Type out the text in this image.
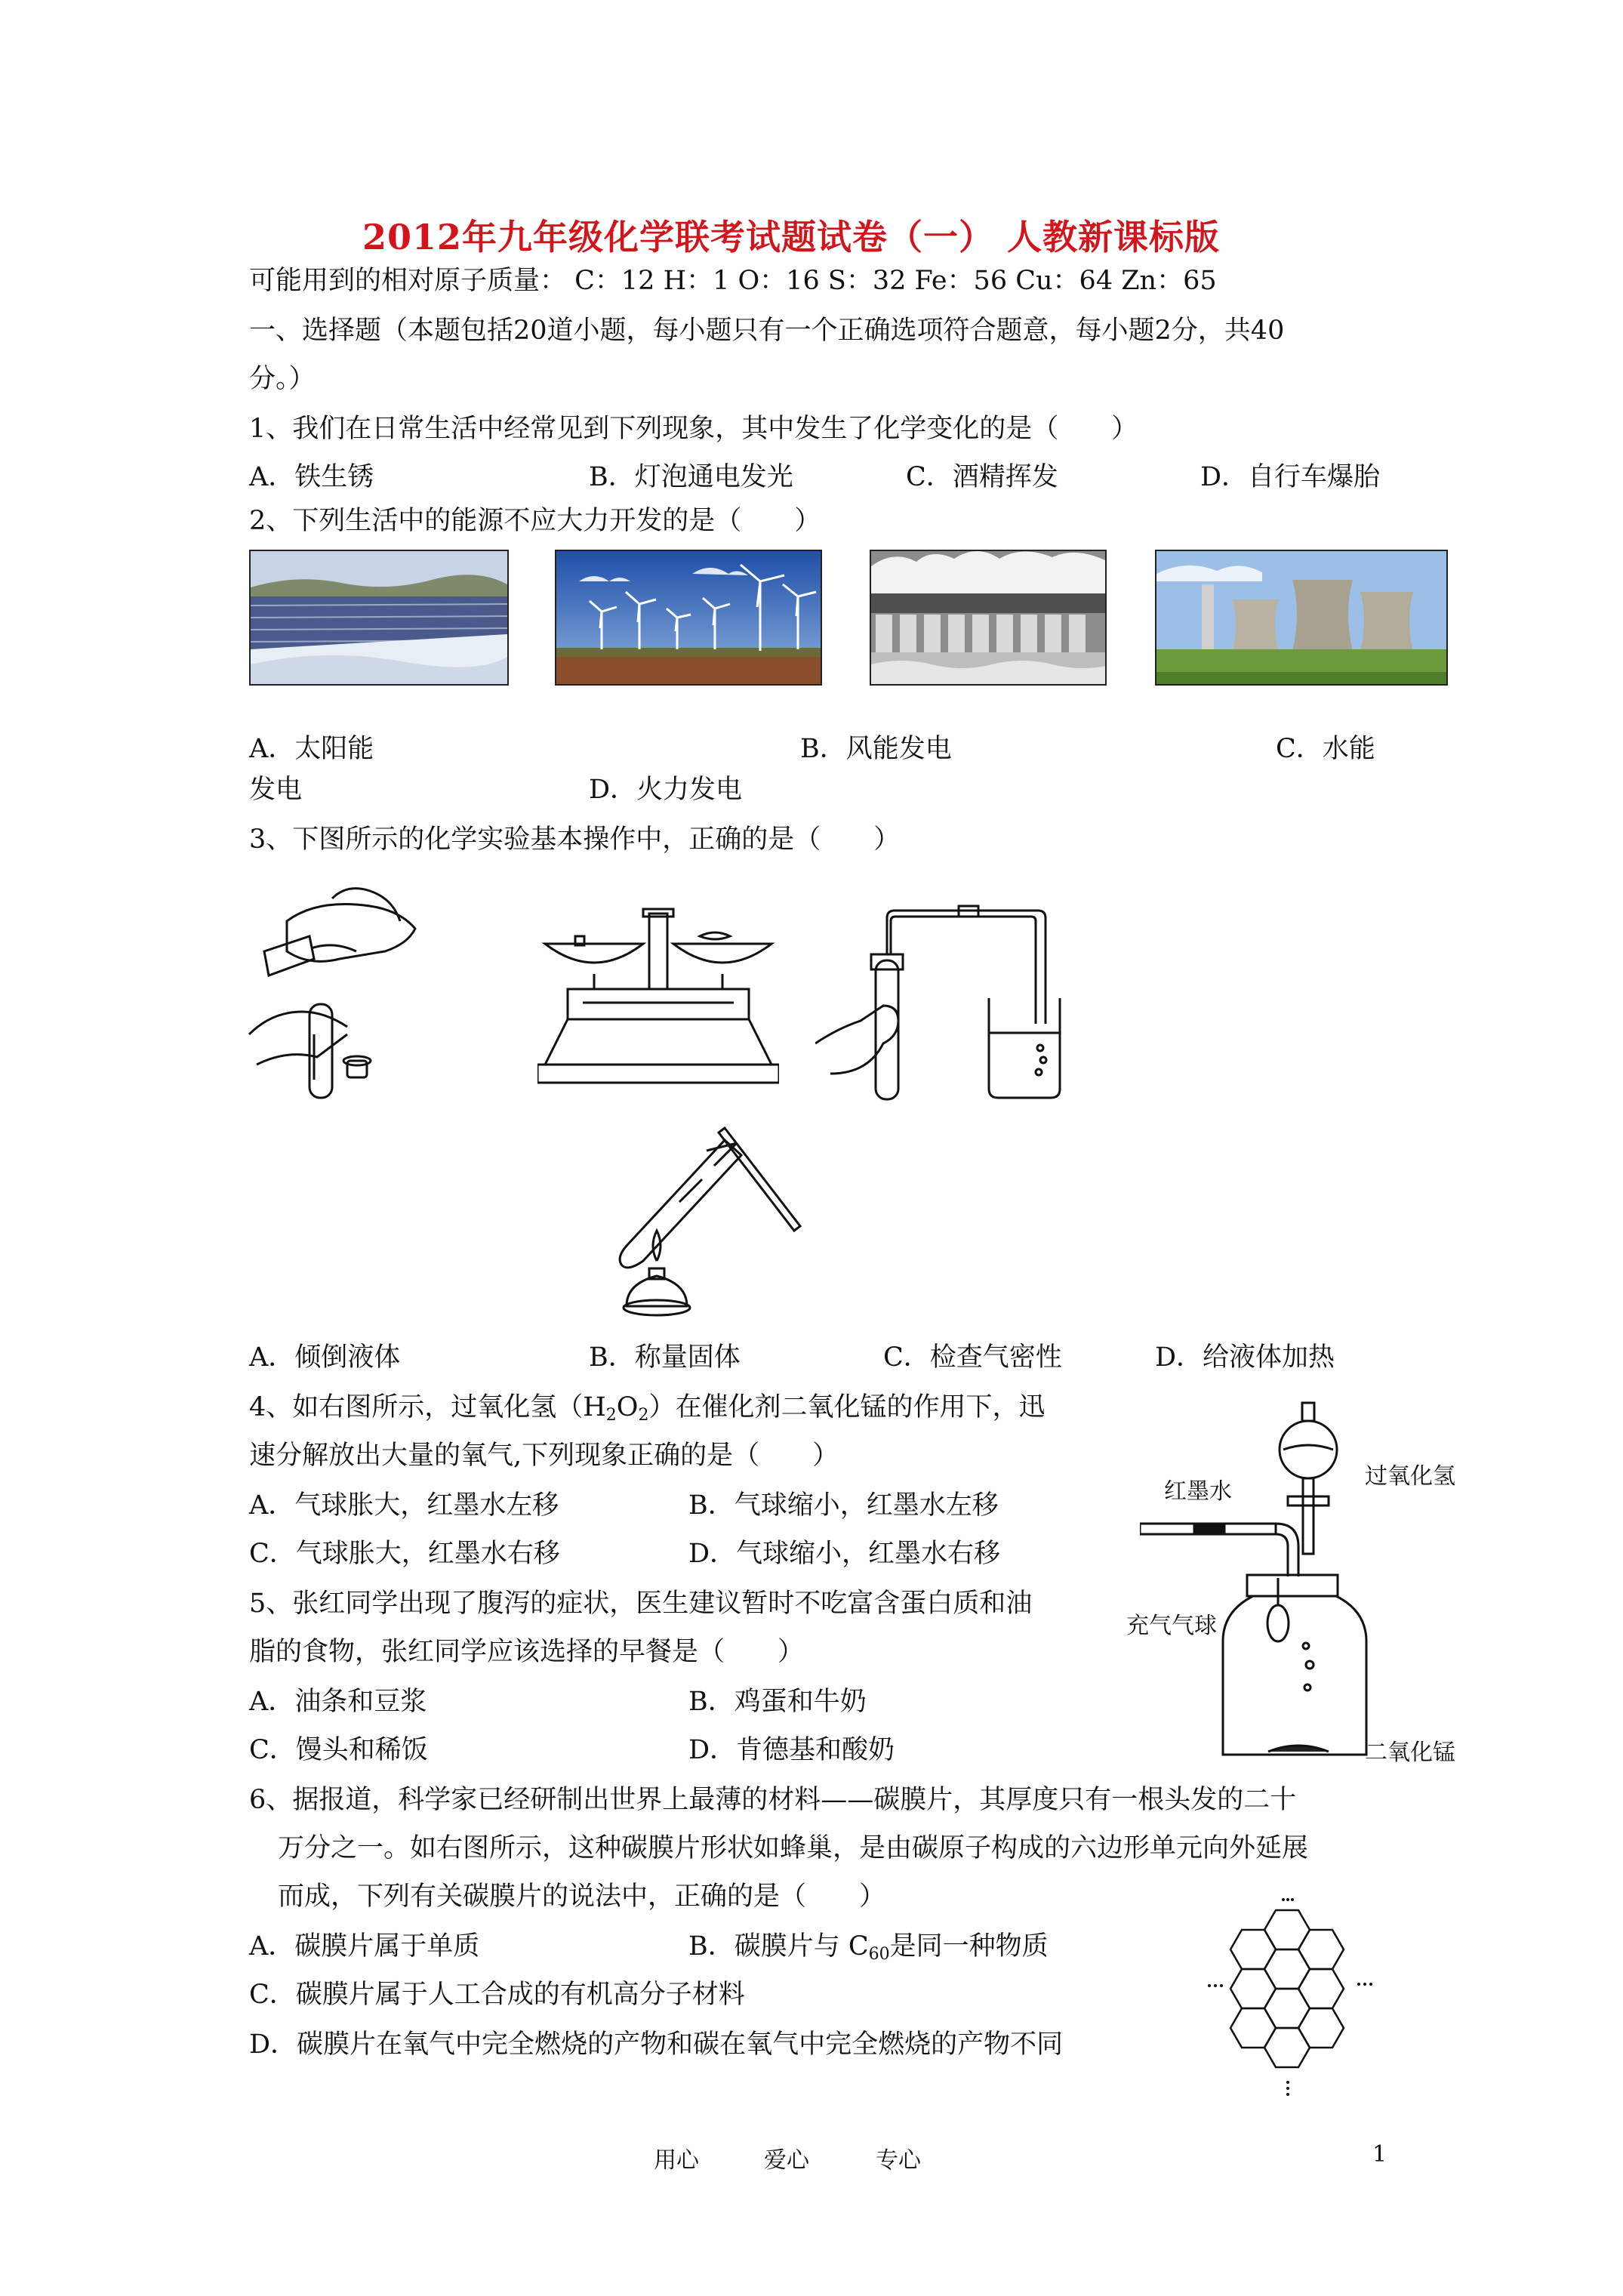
2012年九年级化学联考试题试卷（一） 人教新课标版
可能用到的相对原子质量： C：12 H：1 O：16 S：32 Fe：56 Cu：64 Zn：65
一、选择题（本题包括20道小题，每小题只有一个正确选项符合题意，每小题2分，共40
分。）
1、我们在日常生活中经常见到下列现象，其中发生了化学变化的是（　　）
A．铁生锈	B．灯泡通电发光	C．酒精挥发	D．自行车爆胎
2、下列生活中的能源不应大力开发的是（　　）
A．太阳能	B．风能发电	C．水能
发电	D．火力发电
3、下图所示的化学实验基本操作中，正确的是（　　）
A．倾倒液体	B．称量固体	C．检查气密性	D．给液体加热
4、如右图所示，过氧化氢$(H_2O_2)$在催化剂二氧化锰的作用下，迅
速分解放出大量的氧气,下列现象正确的是（　　）
A．气球胀大，红墨水左移	B．气球缩小，红墨水左移
C．气球胀大，红墨水右移	D．气球缩小，红墨水右移
红墨水
过氧化氢
充气气球
二氧化锰
5、张红同学出现了腹泻的症状，医生建议暂时不吃富含蛋白质和油
脂的食物，张红同学应该选择的早餐是（　　）
A．油条和豆浆	B．鸡蛋和牛奶
C．馒头和稀饭	D．肯德基和酸奶
6、据报道，科学家已经研制出世界上最薄的材料——碳膜片，其厚度只有一根头发的二十
万分之一。如右图所示，这种碳膜片形状如蜂巢，是由碳原子构成的六边形单元向外延展
而成，下列有关碳膜片的说法中，正确的是（　　）
A．碳膜片属于单质	B．碳膜片与 $C_{60}$是同一种物质
C．碳膜片属于人工合成的有机高分子材料
D．碳膜片在氧气中完全燃烧的产物和碳在氧气中完全燃烧的产物不同
用心	爱心	专心	1
